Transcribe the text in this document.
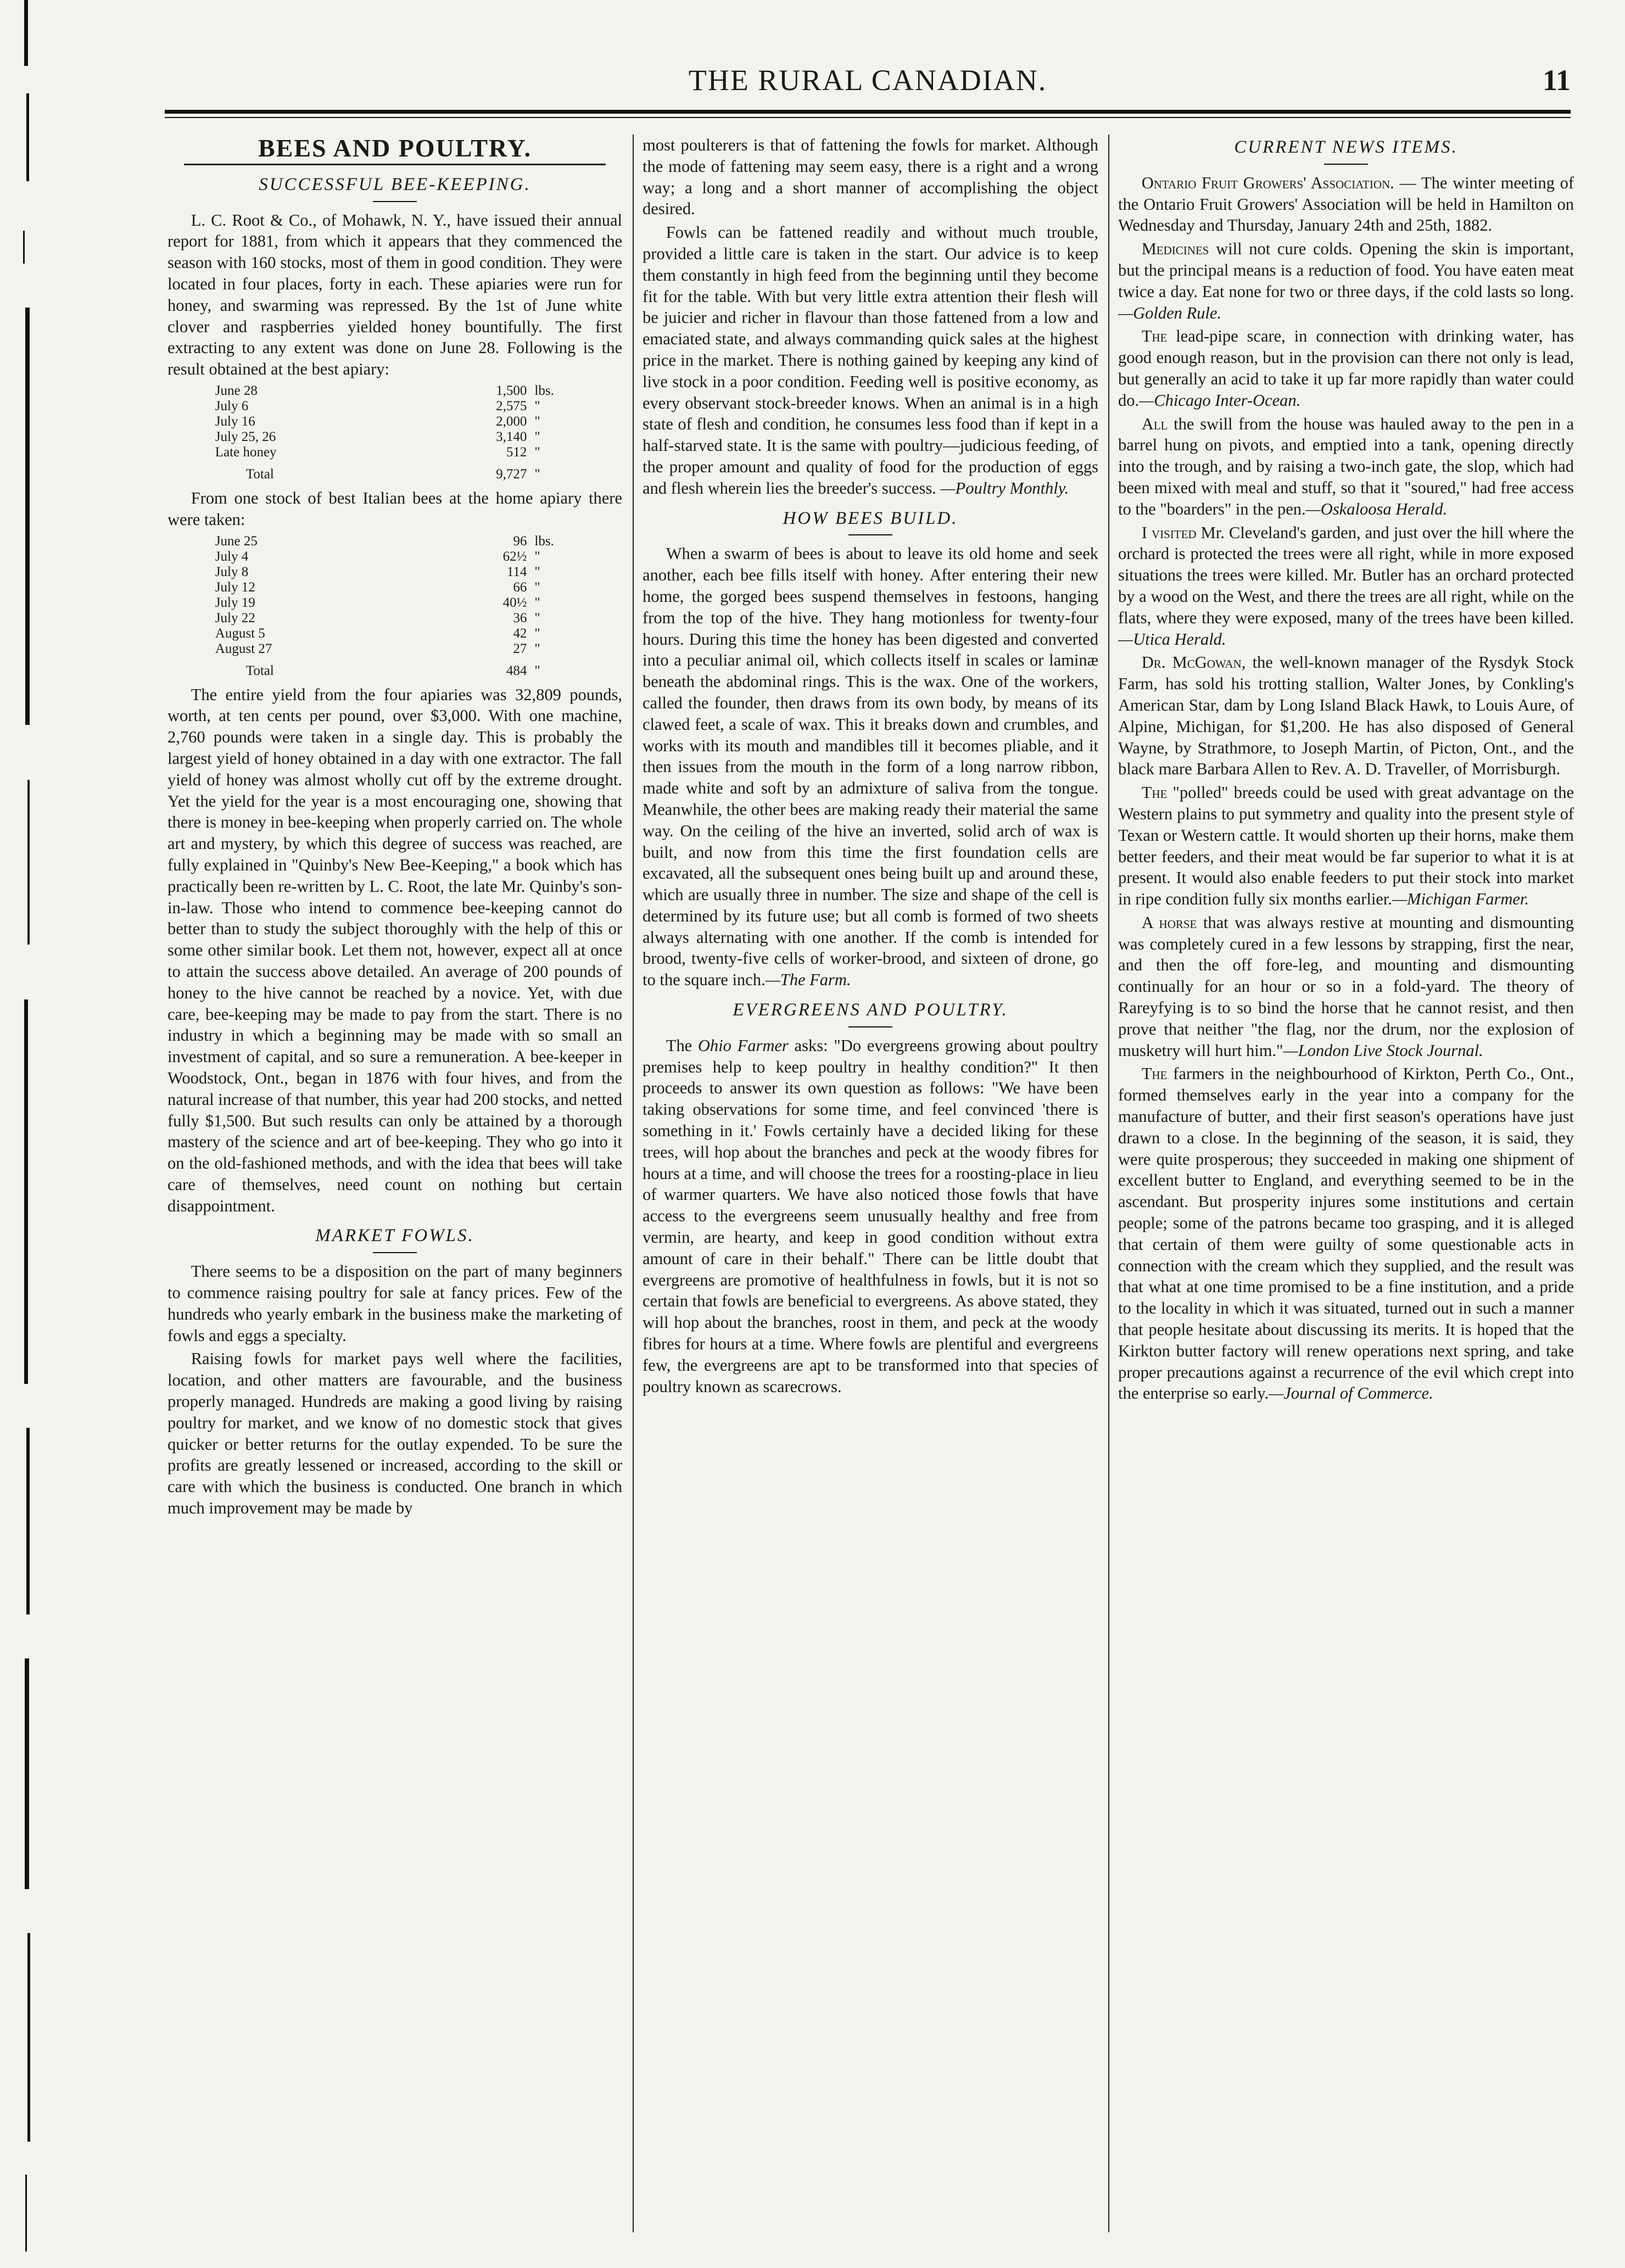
THE RURAL CANADIAN.	11
BEES AND POULTRY.
SUCCESSFUL BEE-KEEPING.

L. C. Root & Co., of Mohawk, N. Y., have issued their annual report for 1881, from which it appears that they commenced the season with 160 stocks, most of them in good condition. They were located in four places, forty in each. These apiaries were run for honey, and swarming was repressed. By the 1st of June white clover and raspberries yielded honey bountifully. The first extracting to any extent was done on June 28. Following is the result obtained at the best apiary:

June 28	1,500	lbs.
July 6	2,575	"
July 16	2,000	"
July 25, 26	3,140	"
Late honey	512	"
Total	9,727	"

From one stock of best Italian bees at the home apiary there were taken:

June 25	96	lbs.
July 4	62½	"
July 8	114	"
July 12	66	"
July 19	40½	"
July 22	36	"
August 5	42	"
August 27	27	"
Total	484	"

The entire yield from the four apiaries was 32,809 pounds, worth, at ten cents per pound, over $3,000. With one machine, 2,760 pounds were taken in a single day. This is probably the largest yield of honey obtained in a day with one extractor. The fall yield of honey was almost wholly cut off by the extreme drought. Yet the yield for the year is a most encouraging one, showing that there is money in bee-keeping when properly carried on. The whole art and mystery, by which this degree of success was reached, are fully explained in "Quinby's New Bee-Keeping," a book which has practically been re-written by L. C. Root, the late Mr. Quinby's son-in-law. Those who intend to commence bee-keeping cannot do better than to study the subject thoroughly with the help of this or some other similar book. Let them not, however, expect all at once to attain the success above detailed. An average of 200 pounds of honey to the hive cannot be reached by a novice. Yet, with due care, bee-keeping may be made to pay from the start. There is no industry in which a beginning may be made with so small an investment of capital, and so sure a remuneration. A bee-keeper in Woodstock, Ont., began in 1876 with four hives, and from the natural increase of that number, this year had 200 stocks, and netted fully $1,500. But such results can only be attained by a thorough mastery of the science and art of bee-keeping. They who go into it on the old-fashioned methods, and with the idea that bees will take care of themselves, need count on nothing but certain disappointment.

MARKET FOWLS.

There seems to be a disposition on the part of many beginners to commence raising poultry for sale at fancy prices. Few of the hundreds who yearly embark in the business make the marketing of fowls and eggs a specialty.

Raising fowls for market pays well where the facilities, location, and other matters are favourable, and the business properly managed. Hundreds are making a good living by raising poultry for market, and we know of no domestic stock that gives quicker or better returns for the outlay expended. To be sure the profits are greatly lessened or increased, according to the skill or care with which the business is conducted. One branch in which much improvement may be made by

most poulterers is that of fattening the fowls for market. Although the mode of fattening may seem easy, there is a right and a wrong way; a long and a short manner of accomplishing the object desired.

Fowls can be fattened readily and without much trouble, provided a little care is taken in the start. Our advice is to keep them constantly in high feed from the beginning until they become fit for the table. With but very little extra attention their flesh will be juicier and richer in flavour than those fattened from a low and emaciated state, and always commanding quick sales at the highest price in the market. There is nothing gained by keeping any kind of live stock in a poor condition. Feeding well is positive economy, as every observant stock-breeder knows. When an animal is in a high state of flesh and condition, he consumes less food than if kept in a half-starved state. It is the same with poultry—judicious feeding, of the proper amount and quality of food for the production of eggs and flesh wherein lies the breeder's success. —Poultry Monthly.

HOW BEES BUILD.

When a swarm of bees is about to leave its old home and seek another, each bee fills itself with honey. After entering their new home, the gorged bees suspend themselves in festoons, hanging from the top of the hive. They hang motionless for twenty-four hours. During this time the honey has been digested and converted into a peculiar animal oil, which collects itself in scales or laminæ beneath the abdominal rings. This is the wax. One of the workers, called the founder, then draws from its own body, by means of its clawed feet, a scale of wax. This it breaks down and crumbles, and works with its mouth and mandibles till it becomes pliable, and it then issues from the mouth in the form of a long narrow ribbon, made white and soft by an admixture of saliva from the tongue. Meanwhile, the other bees are making ready their material the same way. On the ceiling of the hive an inverted, solid arch of wax is built, and now from this time the first foundation cells are excavated, all the subsequent ones being built up and around these, which are usually three in number. The size and shape of the cell is determined by its future use; but all comb is formed of two sheets always alternating with one another. If the comb is intended for brood, twenty-five cells of worker-brood, and sixteen of drone, go to the square inch.—The Farm.

EVERGREENS AND POULTRY.

The Ohio Farmer asks: "Do evergreens growing about poultry premises help to keep poultry in healthy condition?" It then proceeds to answer its own question as follows: "We have been taking observations for some time, and feel convinced 'there is something in it.' Fowls certainly have a decided liking for these trees, will hop about the branches and peck at the woody fibres for hours at a time, and will choose the trees for a roosting-place in lieu of warmer quarters. We have also noticed those fowls that have access to the evergreens seem unusually healthy and free from vermin, are hearty, and keep in good condition without extra amount of care in their behalf." There can be little doubt that evergreens are promotive of healthfulness in fowls, but it is not so certain that fowls are beneficial to evergreens. As above stated, they will hop about the branches, roost in them, and peck at the woody fibres for hours at a time. Where fowls are plentiful and evergreens few, the evergreens are apt to be transformed into that species of poultry known as scarecrows.

CURRENT NEWS ITEMS.

Ontario Fruit Growers' Association. — The winter meeting of the Ontario Fruit Growers' Association will be held in Hamilton on Wednesday and Thursday, January 24th and 25th, 1882.

Medicines will not cure colds. Opening the skin is important, but the principal means is a reduction of food. You have eaten meat twice a day. Eat none for two or three days, if the cold lasts so long.—Golden Rule.

The lead-pipe scare, in connection with drinking water, has good enough reason, but in the provision can there not only is lead, but generally an acid to take it up far more rapidly than water could do.—Chicago Inter-Ocean.

All the swill from the house was hauled away to the pen in a barrel hung on pivots, and emptied into a tank, opening directly into the trough, and by raising a two-inch gate, the slop, which had been mixed with meal and stuff, so that it "soured," had free access to the "boarders" in the pen.—Oskaloosa Herald.

I visited Mr. Cleveland's garden, and just over the hill where the orchard is protected the trees were all right, while in more exposed situations the trees were killed. Mr. Butler has an orchard protected by a wood on the West, and there the trees are all right, while on the flats, where they were exposed, many of the trees have been killed.—Utica Herald.

Dr. McGowan, the well-known manager of the Rysdyk Stock Farm, has sold his trotting stallion, Walter Jones, by Conkling's American Star, dam by Long Island Black Hawk, to Louis Aure, of Alpine, Michigan, for $1,200. He has also disposed of General Wayne, by Strathmore, to Joseph Martin, of Picton, Ont., and the black mare Barbara Allen to Rev. A. D. Traveller, of Morrisburgh.

The "polled" breeds could be used with great advantage on the Western plains to put symmetry and quality into the present style of Texan or Western cattle. It would shorten up their horns, make them better feeders, and their meat would be far superior to what it is at present. It would also enable feeders to put their stock into market in ripe condition fully six months earlier.—Michigan Farmer.

A horse that was always restive at mounting and dismounting was completely cured in a few lessons by strapping, first the near, and then the off fore-leg, and mounting and dismounting continually for an hour or so in a fold-yard. The theory of Rareyfying is to so bind the horse that he cannot resist, and then prove that neither "the flag, nor the drum, nor the explosion of musketry will hurt him."—London Live Stock Journal.

The farmers in the neighbourhood of Kirkton, Perth Co., Ont., formed themselves early in the year into a company for the manufacture of butter, and their first season's operations have just drawn to a close. In the beginning of the season, it is said, they were quite prosperous; they succeeded in making one shipment of excellent butter to England, and everything seemed to be in the ascendant. But prosperity injures some institutions and certain people; some of the patrons became too grasping, and it is alleged that certain of them were guilty of some questionable acts in connection with the cream which they supplied, and the result was that what at one time promised to be a fine institution, and a pride to the locality in which it was situated, turned out in such a manner that people hesitate about discussing its merits. It is hoped that the Kirkton butter factory will renew operations next spring, and take proper precautions against a recurrence of the evil which crept into the enterprise so early.—Journal of Commerce.
